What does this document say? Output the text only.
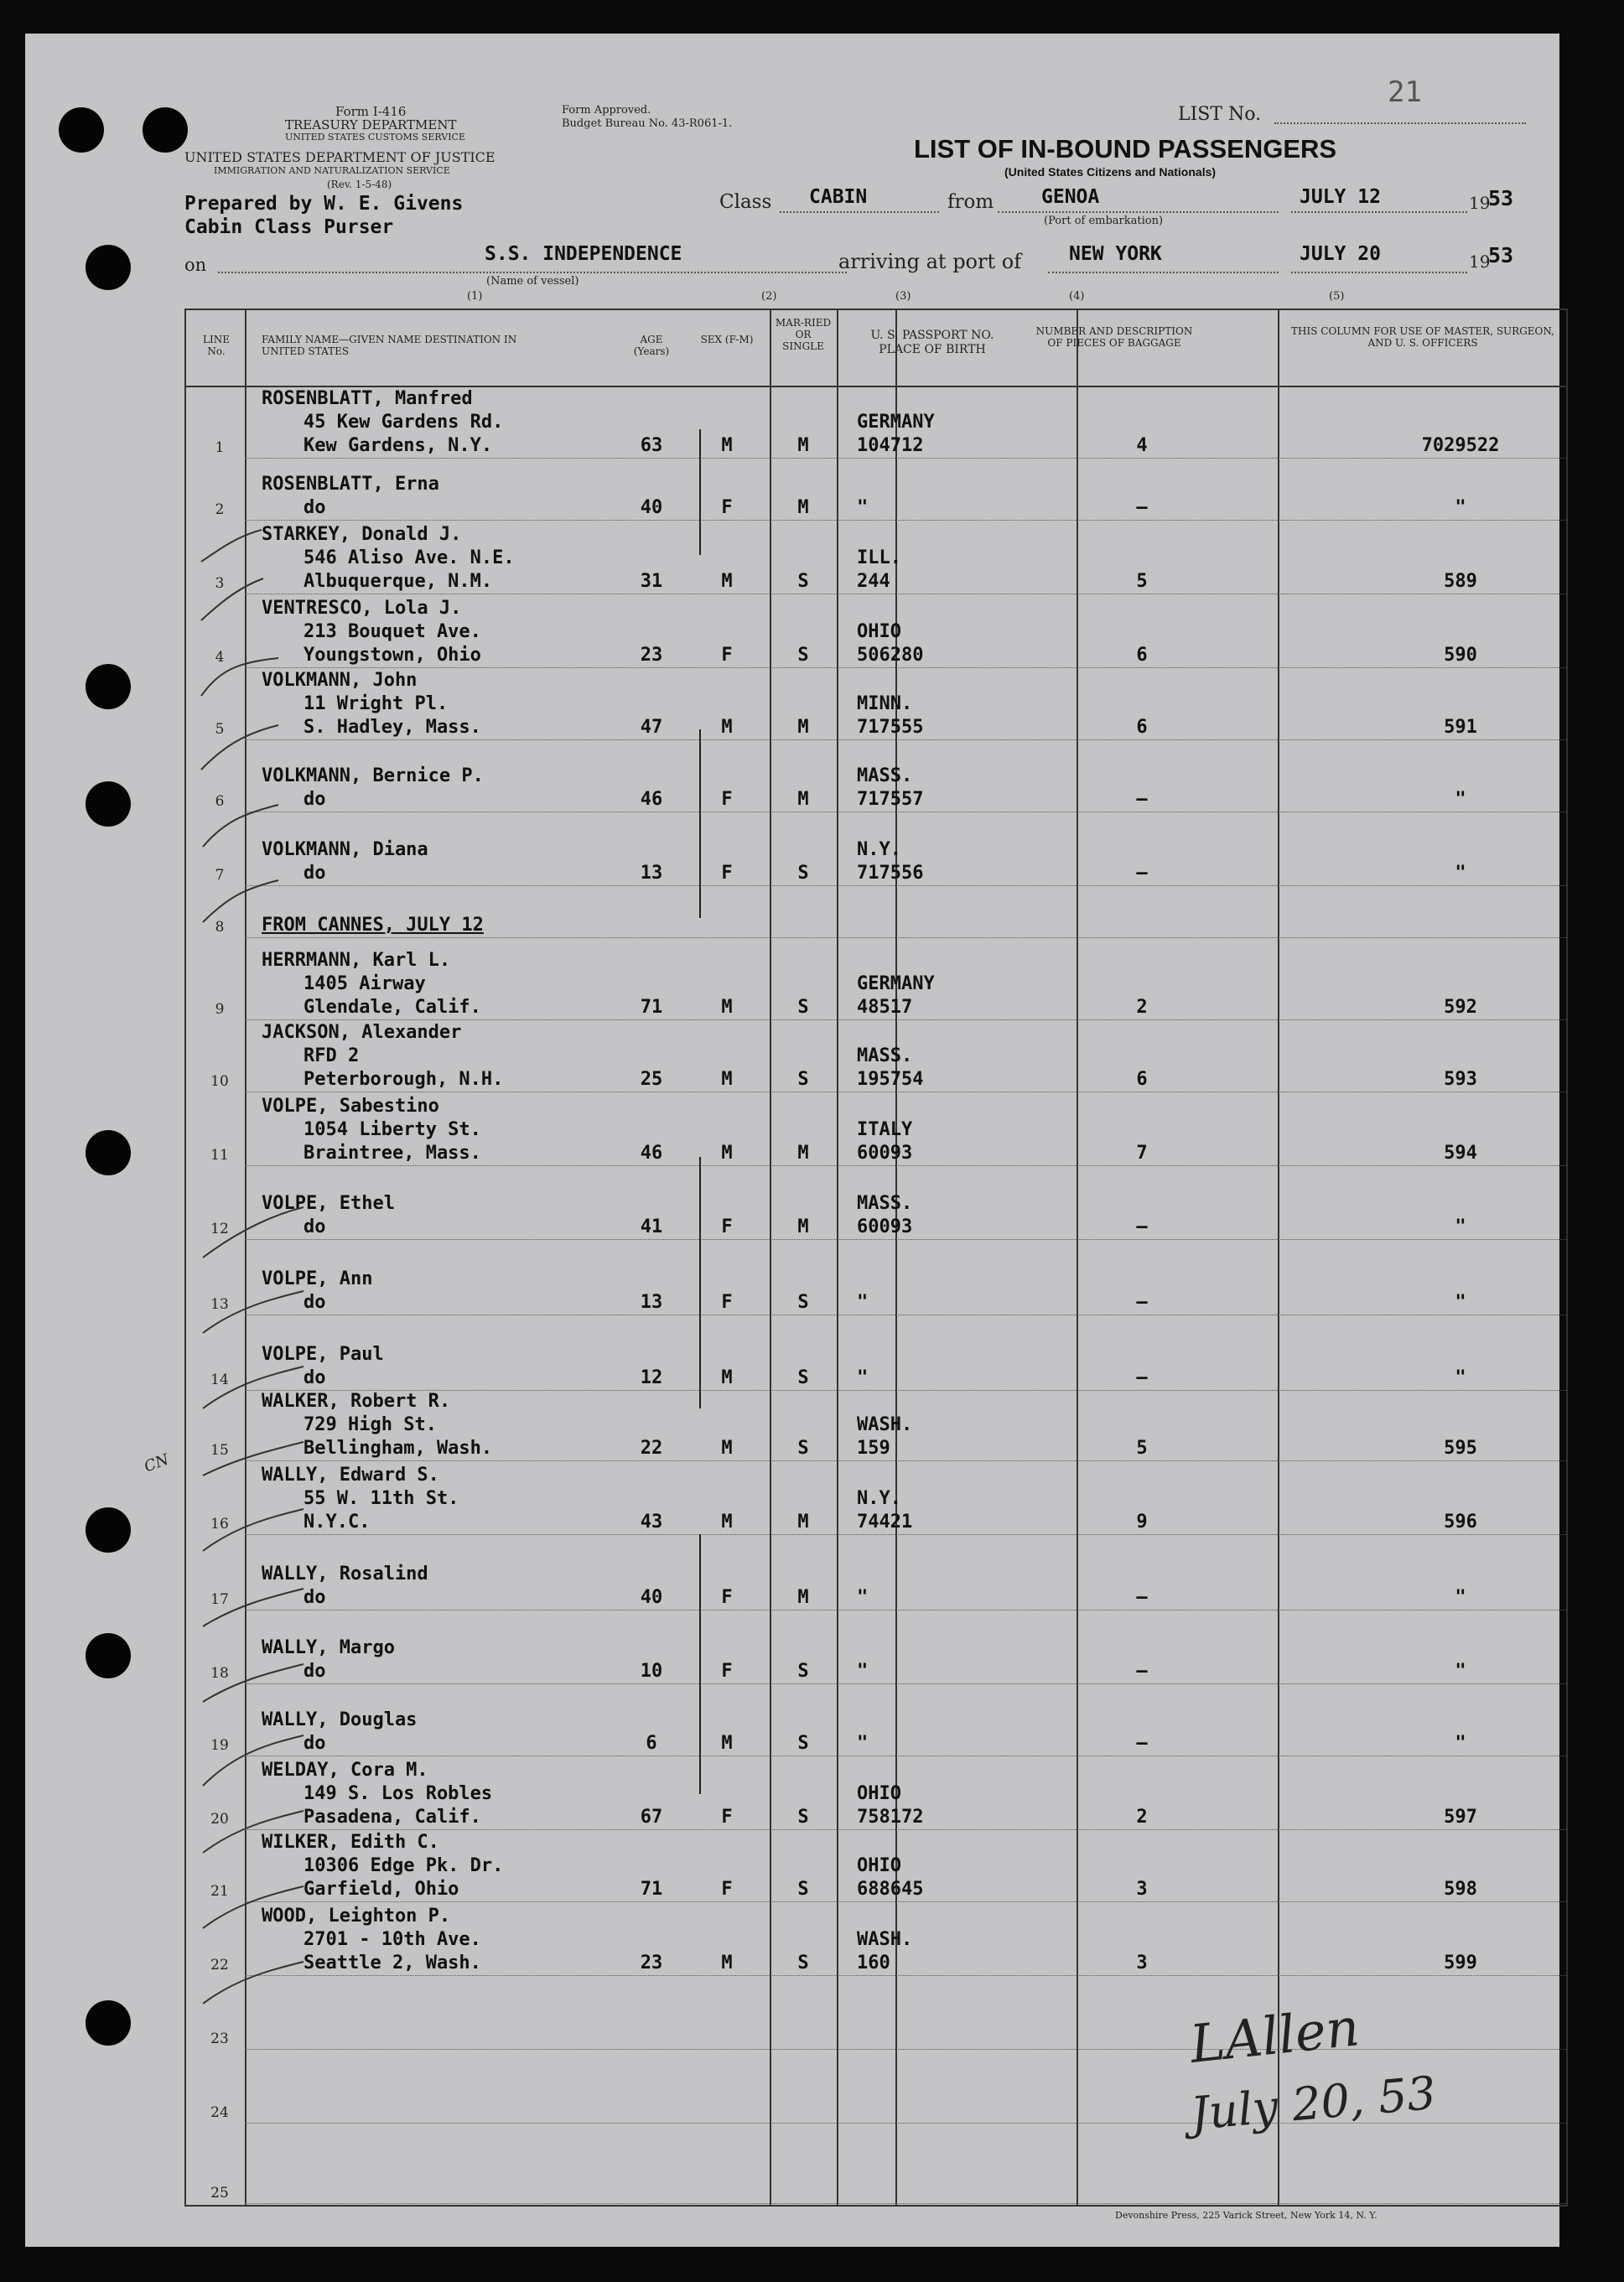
Form I-416
TREASURY DEPARTMENT
UNITED STATES CUSTOMS SERVICE
UNITED STATES DEPARTMENT OF JUSTICE
IMMIGRATION AND NATURALIZATION SERVICE
(Rev. 1-5-48)
Form Approved.
Budget Bureau No. 43-R061-1.	LIST No.
21
LIST OF IN-BOUND PASSENGERS
(United States Citizens and Nationals)
Prepared by W. E. Givens
Cabin Class Purser
Class CABIN	from GENOA
(Port of embarkation)
JULY 12	19
53
on	S.S. INDEPENDENCE
(Name of vessel)
arriving at port of NEW YORK	JULY 20	19
53
(1)	(2)	(3)	(4)	(5)
LINE No.
FAMILY NAME—GIVEN NAME DESTINATION IN UNITED STATES
AGE (Years)
SEX (F-M)
MAR-RIED OR SINGLE
U. S. PASSPORT NO. PLACE OF BIRTH
NUMBER AND DESCRIPTION OF PIECES OF BAGGAGE
THIS COLUMN FOR USE OF MASTER, SURGEON, AND U. S. OFFICERS
1
ROSENBLATT, Manfred
45 Kew Gardens Rd.
Kew Gardens, N.Y.	63	M	M
GERMANY
104712	4	7029522
2
ROSENBLATT, Erna
do	40	F	M	"	–	"
3
STARKEY, Donald J.
546 Aliso Ave. N.E.
Albuquerque, N.M.	31	M	S
ILL.
244	5	589
4
VENTRESCO, Lola J.
213 Bouquet Ave.
Youngstown, Ohio	23	F	S
OHIO
506280	6	590
5
VOLKMANN, John
11 Wright Pl.
S. Hadley, Mass.	47	M	M
MINN.
717555	6	591
6
VOLKMANN, Bernice P.
do	46	F	M
MASS.
717557	–	"
7
VOLKMANN, Diana
do	13	F	S
N.Y.
717556	–	"
8	FROM CANNES, JULY 12
9
HERRMANN, Karl L.
1405 Airway
Glendale, Calif.	71	M	S
GERMANY
48517	2	592
10
JACKSON, Alexander
RFD 2
Peterborough, N.H.	25	M	S
MASS.
195754	6	593
11
VOLPE, Sabestino
1054 Liberty St.
Braintree, Mass.	46	M	M
ITALY
60093	7	594
12
VOLPE, Ethel
do	41	F	M
MASS.
60093	–	"
13
VOLPE, Ann
do	13	F	S	"	–	"
14
VOLPE, Paul
do	12	M	S	"	–	"
15
WALKER, Robert R.
729 High St.
Bellingham, Wash.	22	M	S
WASH.
159	5	595
16
WALLY, Edward S.
55 W. 11th St.
N.Y.C.	43	M	M
N.Y.
74421	9	596
17
WALLY, Rosalind
do	40	F	M	"	–	"
18
WALLY, Margo
do	10	F	S	"	–	"
19
WALLY, Douglas
do	6	M	S	"	–	"
20
WELDAY, Cora M.
149 S. Los Robles
Pasadena, Calif.	67	F	S
OHIO
758172	2	597
21
WILKER, Edith C.
10306 Edge Pk. Dr.
Garfield, Ohio	71	F	S
OHIO
688645	3	598
22
WOOD, Leighton P.
2701 - 10th Ave.
Seattle 2, Wash.	23	M	S
WASH.
160	3	599
23
24
25
LAllen
July 20, 53
CN
Devonshire Press, 225 Varick Street, New York 14, N. Y.
